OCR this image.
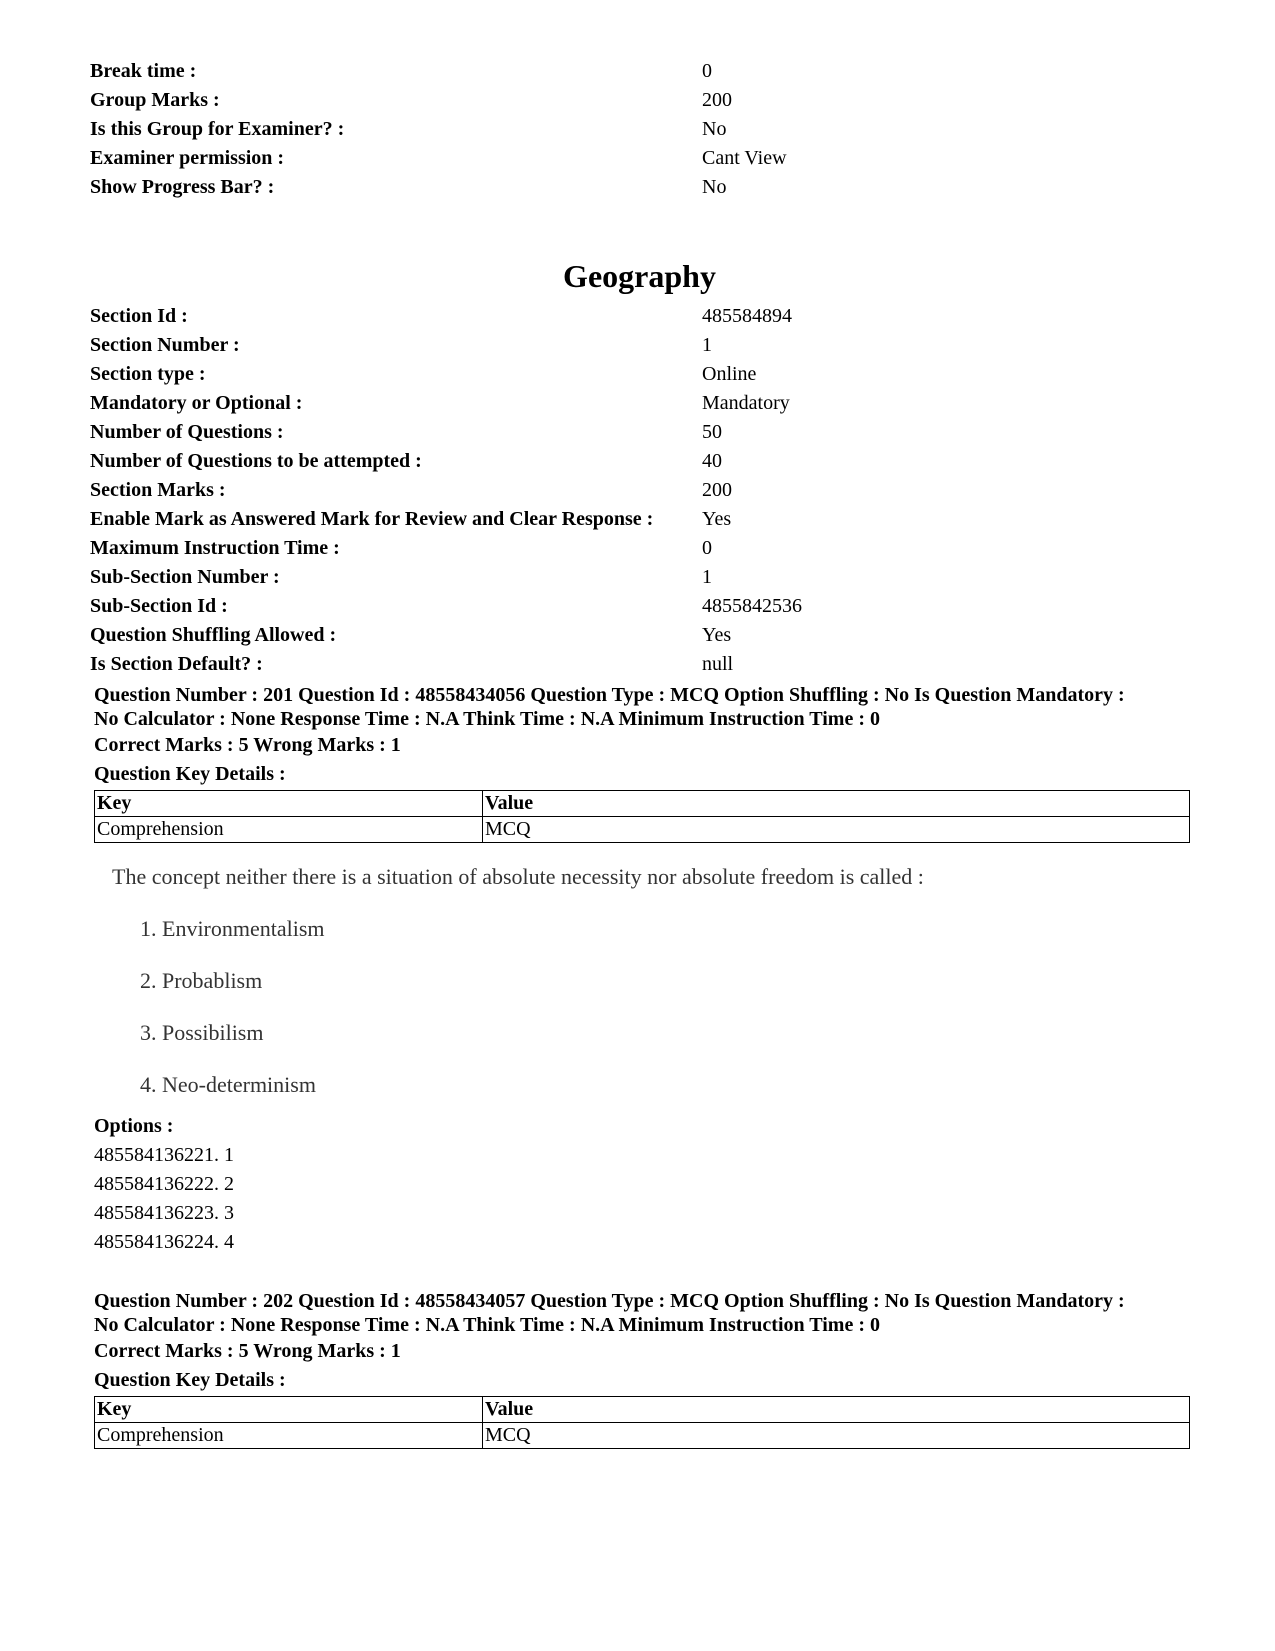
Break time :	0
Group Marks :	200
Is this Group for Examiner? :	No
Examiner permission :	Cant View
Show Progress Bar? :	No
Geography
Section Id :	485584894
Section Number :	1
Section type :	Online
Mandatory or Optional :	Mandatory
Number of Questions :	50
Number of Questions to be attempted :	40
Section Marks :	200
Enable Mark as Answered Mark for Review and Clear Response : Yes
Maximum Instruction Time :	0
Sub-Section Number :	1
Sub-Section Id :	4855842536
Question Shuffling Allowed :	Yes
Is Section Default? :	null
Question Number : 201 Question Id : 48558434056 Question Type : MCQ Option Shuffling : No Is Question Mandatory :
No Calculator : None Response Time : N.A Think Time : N.A Minimum Instruction Time : 0
Correct Marks : 5 Wrong Marks : 1
Question Key Details :
Key	Value
Comprehension	MCQ
The concept neither there is a situation of absolute necessity nor absolute freedom is called :
1. Environmentalism
2. Probablism
3. Possibilism
4. Neo-determinism
Options :
485584136221. 1
485584136222. 2
485584136223. 3
485584136224. 4
Question Number : 202 Question Id : 48558434057 Question Type : MCQ Option Shuffling : No Is Question Mandatory :
No Calculator : None Response Time : N.A Think Time : N.A Minimum Instruction Time : 0
Correct Marks : 5 Wrong Marks : 1
Question Key Details :
Key	Value
Comprehension	MCQ
